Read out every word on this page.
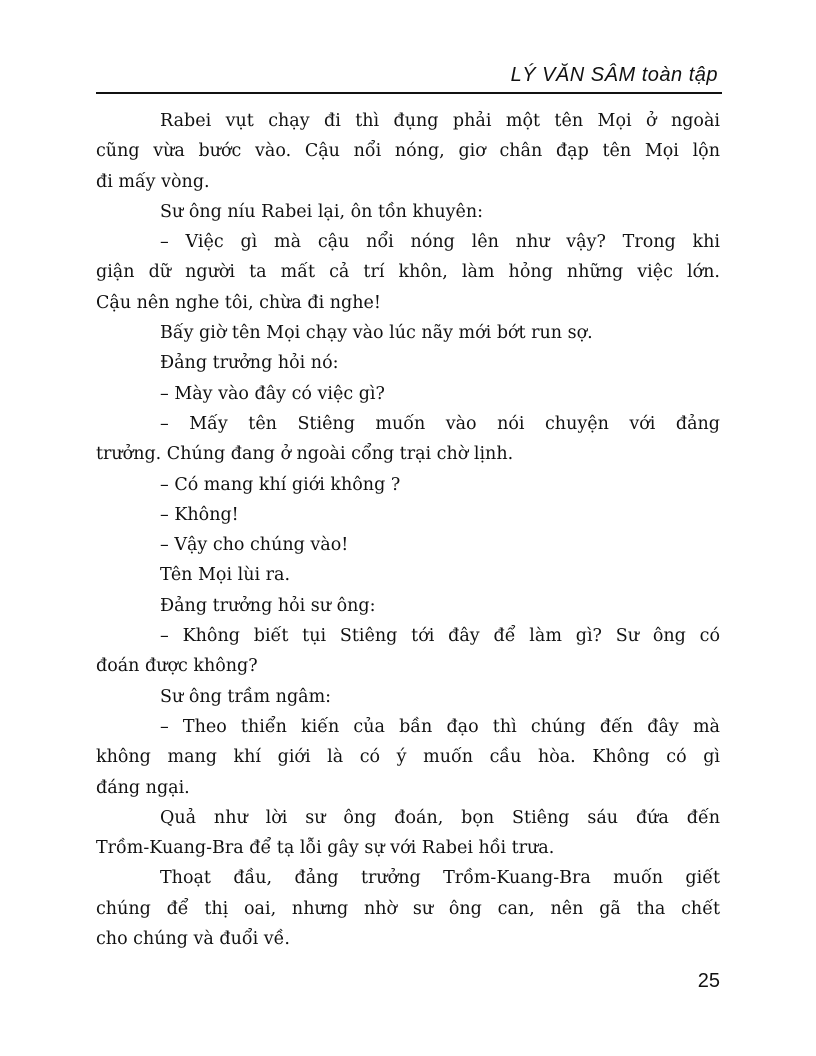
LÝ VĂN SÂM toàn tập
Rabei vụt chạy đi thì đụng phải một tên Mọi ở ngoài
cũng vừa bước vào. Cậu nổi nóng, giơ chân đạp tên Mọi lộn
đi mấy vòng.
Sư ông níu Rabei lại, ôn tồn khuyên:
– Việc gì mà cậu nổi nóng lên như vậy? Trong khi
giận dữ người ta mất cả trí khôn, làm hỏng những việc lớn.
Cậu nên nghe tôi, chừa đi nghe!
Bấy giờ tên Mọi chạy vào lúc nãy mới bớt run sợ.
Đảng trưởng hỏi nó:
– Mày vào đây có việc gì?
– Mấy tên Stiêng muốn vào nói chuyện với đảng
trưởng. Chúng đang ở ngoài cổng trại chờ lịnh.
– Có mang khí giới không ?
– Không!
– Vậy cho chúng vào!
Tên Mọi lùi ra.
Đảng trưởng hỏi sư ông:
– Không biết tụi Stiêng tới đây để làm gì? Sư ông có
đoán được không?
Sư ông trầm ngâm:
– Theo thiển kiến của bần đạo thì chúng đến đây mà
không mang khí giới là có ý muốn cầu hòa. Không có gì
đáng ngại.
Quả như lời sư ông đoán, bọn Stiêng sáu đứa đến
Trồm-Kuang-Bra để tạ lỗi gây sự với Rabei hồi trưa.
Thoạt đầu, đảng trưởng Trồm-Kuang-Bra muốn giết
chúng để thị oai, nhưng nhờ sư ông can, nên gã tha chết
cho chúng và đuổi về.
25
